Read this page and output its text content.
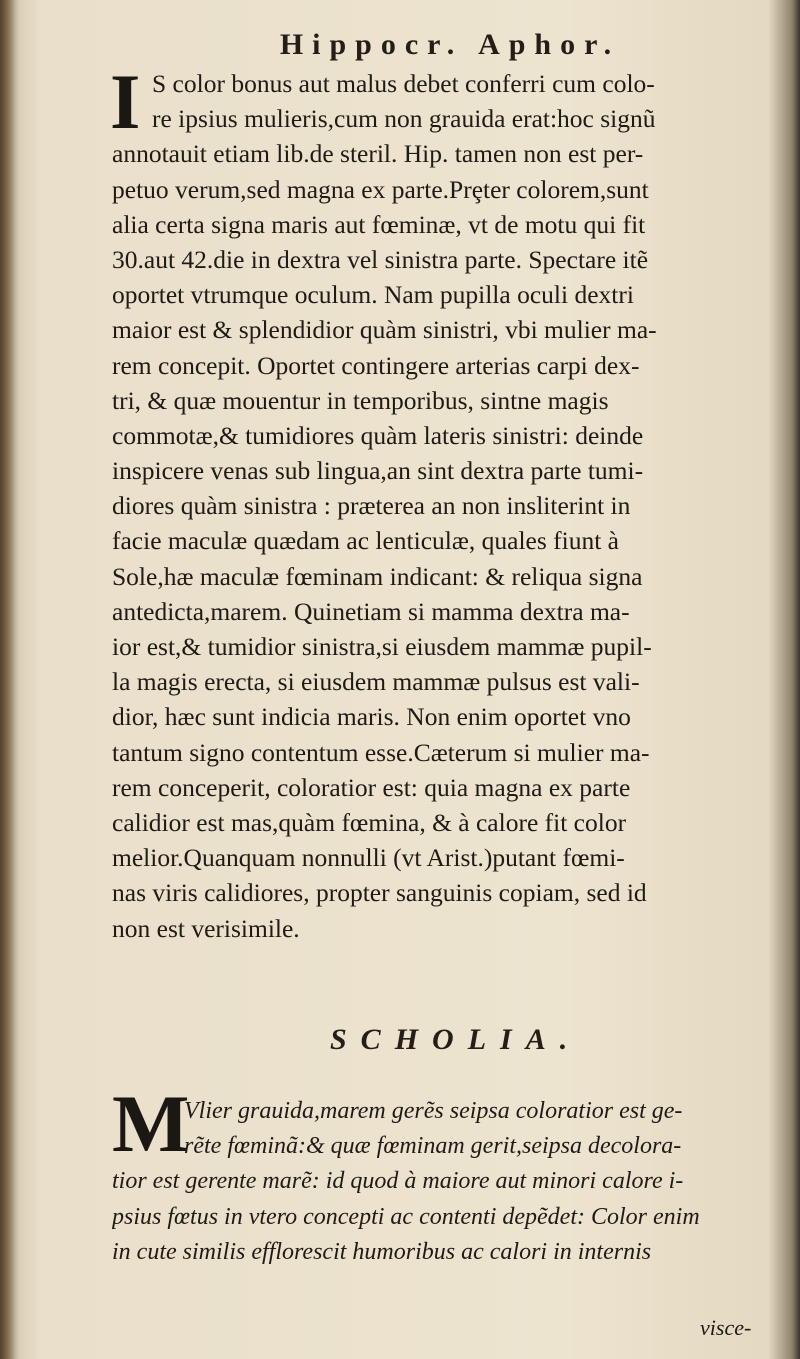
Hippocr. Aphor.
I S color bonus aut malus debet conferri cum colo-
re ipsius mulieris,cum non grauida erat:hoc signũ
annotauit etiam lib.de steril. Hip. tamen non est per-
petuo verum,sed magna ex parte.Prȩter colorem,sunt
alia certa signa maris aut fœminæ, vt de motu qui fit
30.aut 42.die in dextra vel sinistra parte. Spectare itẽ
oportet vtrumque oculum. Nam pupilla oculi dextri
maior est & splendidior quàm sinistri, vbi mulier ma-
rem concepit. Oportet contingere arterias carpi dex-
tri, & quæ mouentur in temporibus, sintne magis
commotæ,& tumidiores quàm lateris sinistri: deinde
inspicere venas sub lingua,an sint dextra parte tumi-
diores quàm sinistra : præterea an non insliterint in
facie maculæ quædam ac lenticulæ, quales fiunt à
Sole,hæ maculæ fœminam indicant: & reliqua signa
antedicta,marem. Quinetiam si mamma dextra ma-
ior est,& tumidior sinistra,si eiusdem mammæ pupil-
la magis erecta, si eiusdem mammæ pulsus est vali-
dior, hæc sunt indicia maris. Non enim oportet vno
tantum signo contentum esse.Cæterum si mulier ma-
rem conceperit, coloratior est: quia magna ex parte
calidior est mas,quàm fœmina, & à calore fit color
melior.Quanquam nonnulli (vt Arist.)putant fœmi-
nas viris calidiores, propter sanguinis copiam, sed id
non est verisimile.
SCHOLIA.
M
Vlier grauida,marem gerẽs seipsa coloratior est ge-
rẽte fœminã:& quæ fœminam gerit,seipsa decolora-
tior est gerente marẽ: id quod à maiore aut minori calore i-
psius fœtus in vtero concepti ac contenti depẽdet: Color enim
in cute similis efflorescit humoribus ac calori in internis
visce-
